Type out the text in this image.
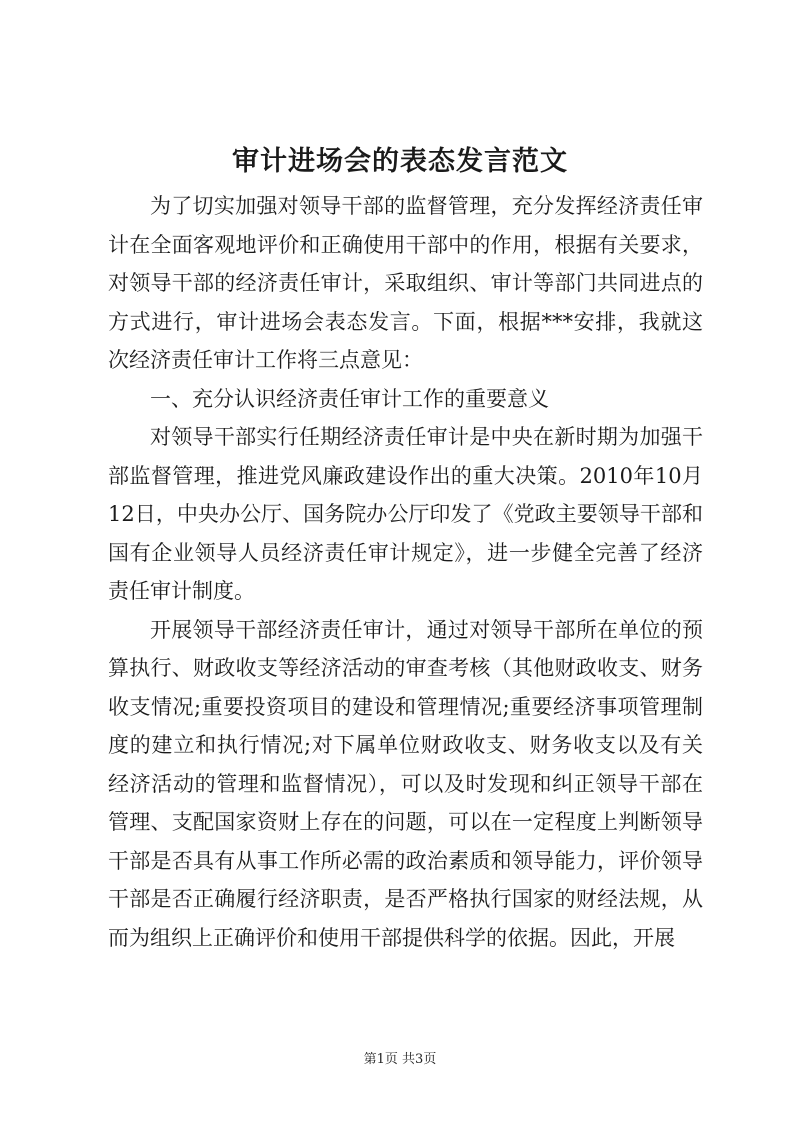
审计进场会的表态发言范文

为了切实加强对领导干部的监督管理，充分发挥经济责任审计在全面客观地评价和正确使用干部中的作用，根据有关要求，对领导干部的经济责任审计，采取组织、审计等部门共同进点的方式进行，审计进场会表态发言。下面，根据***安排，我就这次经济责任审计工作将三点意见：

一、充分认识经济责任审计工作的重要意义

对领导干部实行任期经济责任审计是中央在新时期为加强干部监督管理，推进党风廉政建设作出的重大决策。2010年10月12日，中央办公厅、国务院办公厅印发了《党政主要领导干部和国有企业领导人员经济责任审计规定》，进一步健全完善了经济责任审计制度。

开展领导干部经济责任审计，通过对领导干部所在单位的预算执行、财政收支等经济活动的审查考核（其他财政收支、财务收支情况;重要投资项目的建设和管理情况;重要经济事项管理制度的建立和执行情况;对下属单位财政收支、财务收支以及有关经济活动的管理和监督情况），可以及时发现和纠正领导干部在管理、支配国家资财上存在的问题，可以在一定程度上判断领导干部是否具有从事工作所必需的政治素质和领导能力，评价领导干部是否正确履行经济职责，是否严格执行国家的财经法规，从而为组织上正确评价和使用干部提供科学的依据。因此，开展

第1页 共3页
